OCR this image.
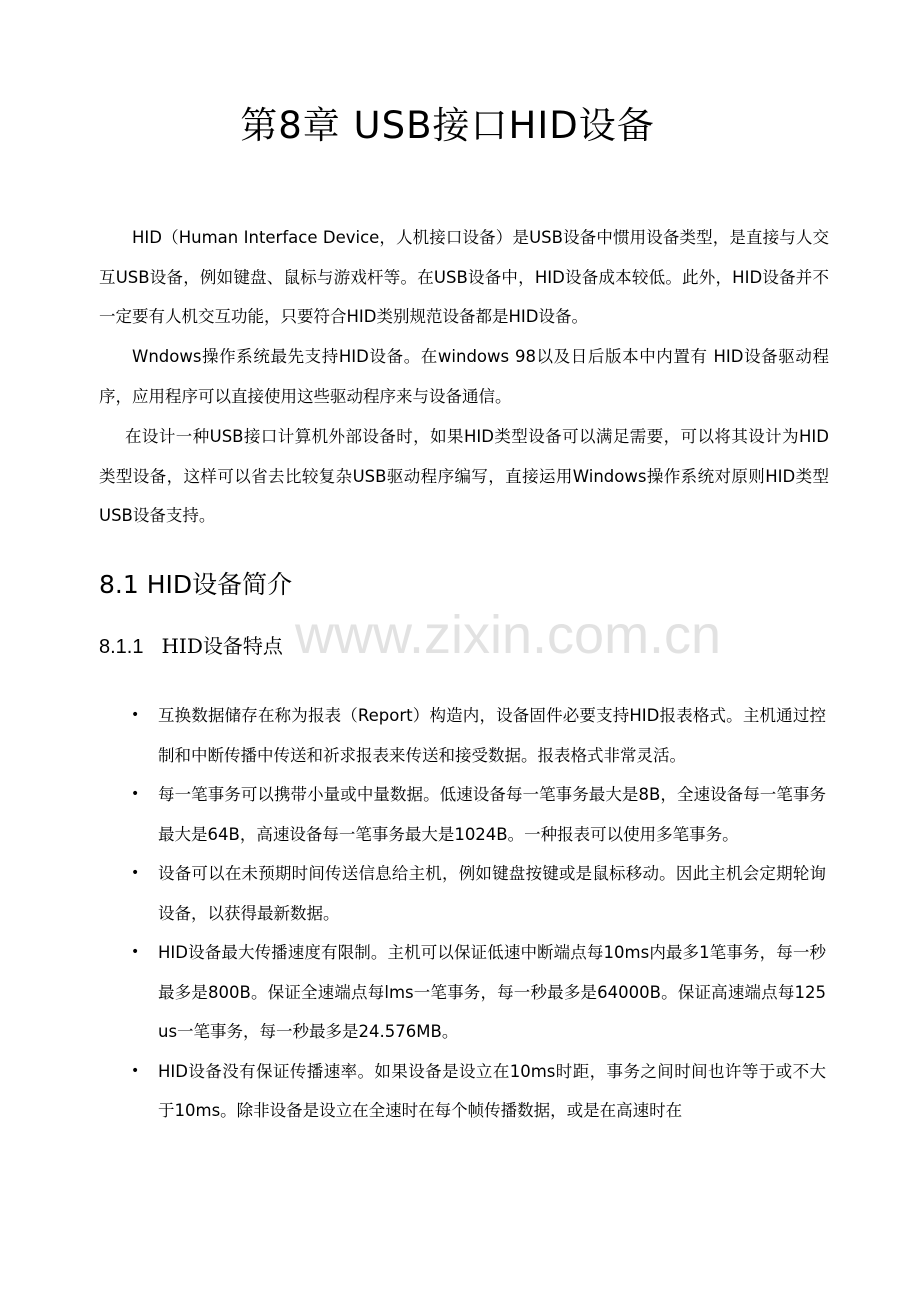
www.zixin.com.cn
第8章 USB接口HID设备

HID（Human Interface Device，人机接口设备）是USB设备中惯用设备类型，是直接与人交互USB设备，例如键盘、鼠标与游戏杆等。在USB设备中，HID设备成本较低。此外，HID设备并不一定要有人机交互功能，只要符合HID类别规范设备都是HID设备。

Wndows操作系统最先支持HID设备。在windows 98以及日后版本中内置有 HID设备驱动程序，应用程序可以直接使用这些驱动程序来与设备通信。

在设计一种USB接口计算机外部设备时，如果HID类型设备可以满足需要，可以将其设计为HID类型设备，这样可以省去比较复杂USB驱动程序编写，直接运用Windows操作系统对原则HID类型USB设备支持。

8.1 HID设备简介
8.1.1 HID设备特点
• 互换数据储存在称为报表（Report）构造内，设备固件必要支持HID报表格式。主机通过控制和中断传播中传送和祈求报表来传送和接受数据。报表格式非常灵活。
• 每一笔事务可以携带小量或中量数据。低速设备每一笔事务最大是8B，全速设备每一笔事务最大是64B，高速设备每一笔事务最大是1024B。一种报表可以使用多笔事务。
• 设备可以在未预期时间传送信息给主机，例如键盘按键或是鼠标移动。因此主机会定期轮询设备，以获得最新数据。
• HID设备最大传播速度有限制。主机可以保证低速中断端点每10ms内最多1笔事务，每一秒最多是800B。保证全速端点每lms一笔事务，每一秒最多是64000B。保证高速端点每125 us一笔事务，每一秒最多是24.576MB。
• HID设备没有保证传播速率。如果设备是设立在10ms时距，事务之间时间也许等于或不大于10ms。除非设备是设立在全速时在每个帧传播数据，或是在高速时在
